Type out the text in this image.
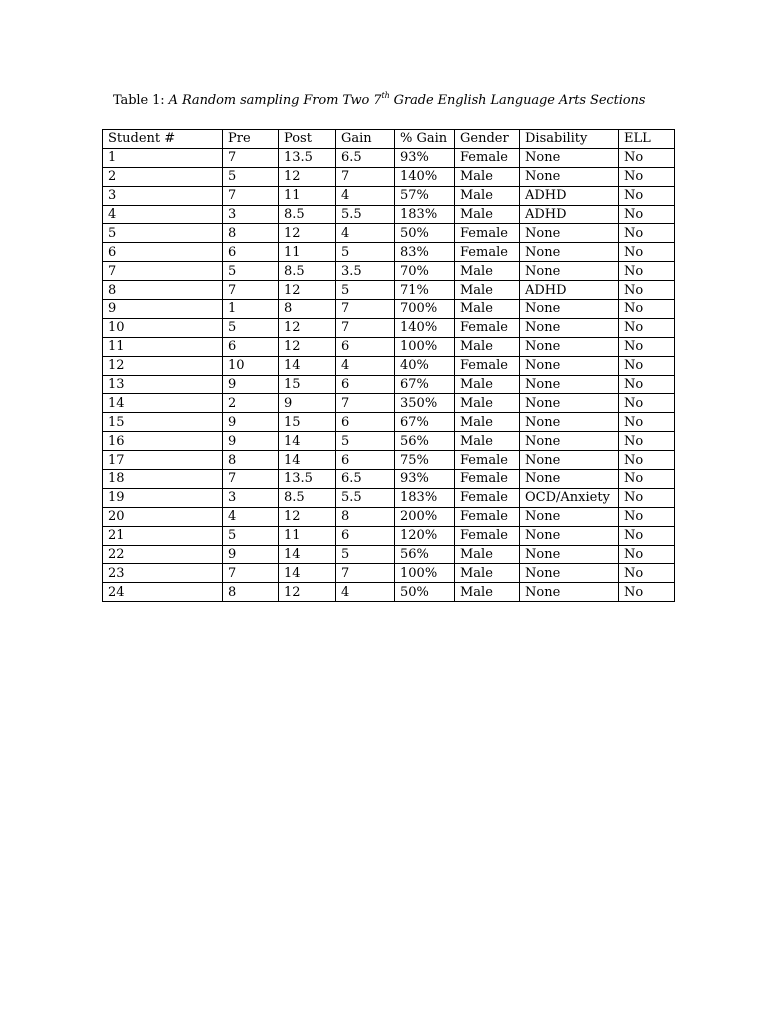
Table 1: A Random sampling From Two 7th Grade English Language Arts Sections
Student #	Pre	Post	Gain	% Gain	Gender	Disability	ELL
1	7	13.5	6.5	93%	Female	None	No
2	5	12	7	140%	Male	None	No
3	7	11	4	57%	Male	ADHD	No
4	3	8.5	5.5	183%	Male	ADHD	No
5	8	12	4	50%	Female	None	No
6	6	11	5	83%	Female	None	No
7	5	8.5	3.5	70%	Male	None	No
8	7	12	5	71%	Male	ADHD	No
9	1	8	7	700%	Male	None	No
10	5	12	7	140%	Female	None	No
11	6	12	6	100%	Male	None	No
12	10	14	4	40%	Female	None	No
13	9	15	6	67%	Male	None	No
14	2	9	7	350%	Male	None	No
15	9	15	6	67%	Male	None	No
16	9	14	5	56%	Male	None	No
17	8	14	6	75%	Female	None	No
18	7	13.5	6.5	93%	Female	None	No
19	3	8.5	5.5	183%	Female	OCD/Anxiety	No
20	4	12	8	200%	Female	None	No
21	5	11	6	120%	Female	None	No
22	9	14	5	56%	Male	None	No
23	7	14	7	100%	Male	None	No
24	8	12	4	50%	Male	None	No
